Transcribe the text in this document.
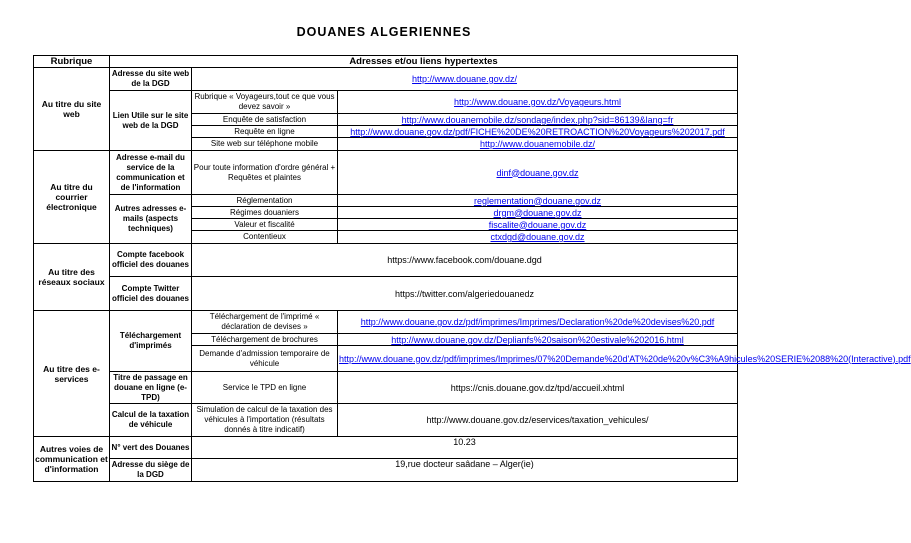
DOUANES ALGERIENNES
Rubrique	Adresses et/ou liens hypertextes		
Au titre du site web	Adresse du site web de la DGD	http://www.douane.gov.dz/	
	Lien Utile sur le site web de la DGD	Rubrique « Voyageurs,tout ce que vous devez savoir »	http://www.douane.gov.dz/Voyageurs.html
		Enquête de satisfaction	http://www.douanemobile.dz/sondage/index.php?sid=86139&lang=fr
		Requête en ligne	http://www.douane.gov.dz/pdf/FICHE%20DE%20RETROACTION%20Voyageurs%202017.pdf
		Site web sur téléphone mobile	http://www.douanemobile.dz/
Au titre du courrier électronique	Adresse e-mail du service de la communication et de l'information	Pour toute information d'ordre général + Requêtes et plaintes	dinf@douane.gov.dz
	Autres adresses e-mails (aspects techniques)	Réglementation	reglementation@douane.gov.dz
		Régimes douaniers	drgm@douane.gov.dz
		Valeur et fiscalité	fiscalite@douane.gov.dz
		Contentieux	ctxdgd@douane.gov.dz
Au titre des réseaux sociaux	Compte facebook officiel des douanes	https://www.facebook.com/douane.dgd	
	Compte Twitter officiel des douanes	https://twitter.com/algeriedouanedz	
Au titre des e-services	Téléchargement d'imprimés	Téléchargement de l'imprimé « déclaration de devises »	http://www.douane.gov.dz/pdf/imprimes/Imprimes/Declaration%20de%20devises%20.pdf
		Téléchargement de brochures	http://www.douane.gov.dz/Deplianfs%20saison%20estivale%202016.html
		Demande d'admission temporaire de véhicule	http://www.douane.gov.dz/pdf/imprimes/Imprimes/07%20Demande%20d'AT%20de%20v%C3%A9hicules%20SERIE%2088%20(Interactive).pdf
	Titre de passage en douane en ligne (e-TPD)	Service le TPD en ligne	https://cnis.douane.gov.dz/tpd/accueil.xhtml
	Calcul de la taxation de véhicule	Simulation de calcul de la taxation des véhicules à l'importation (résultats donnés à titre indicatif)	http://www.douane.gov.dz/eservices/taxation_vehicules/
Autres voies de communication et d'information	N° vert des Douanes	10.23	
	Adresse du siège de la DGD	19,rue docteur saâdane – Alger(ie)	
